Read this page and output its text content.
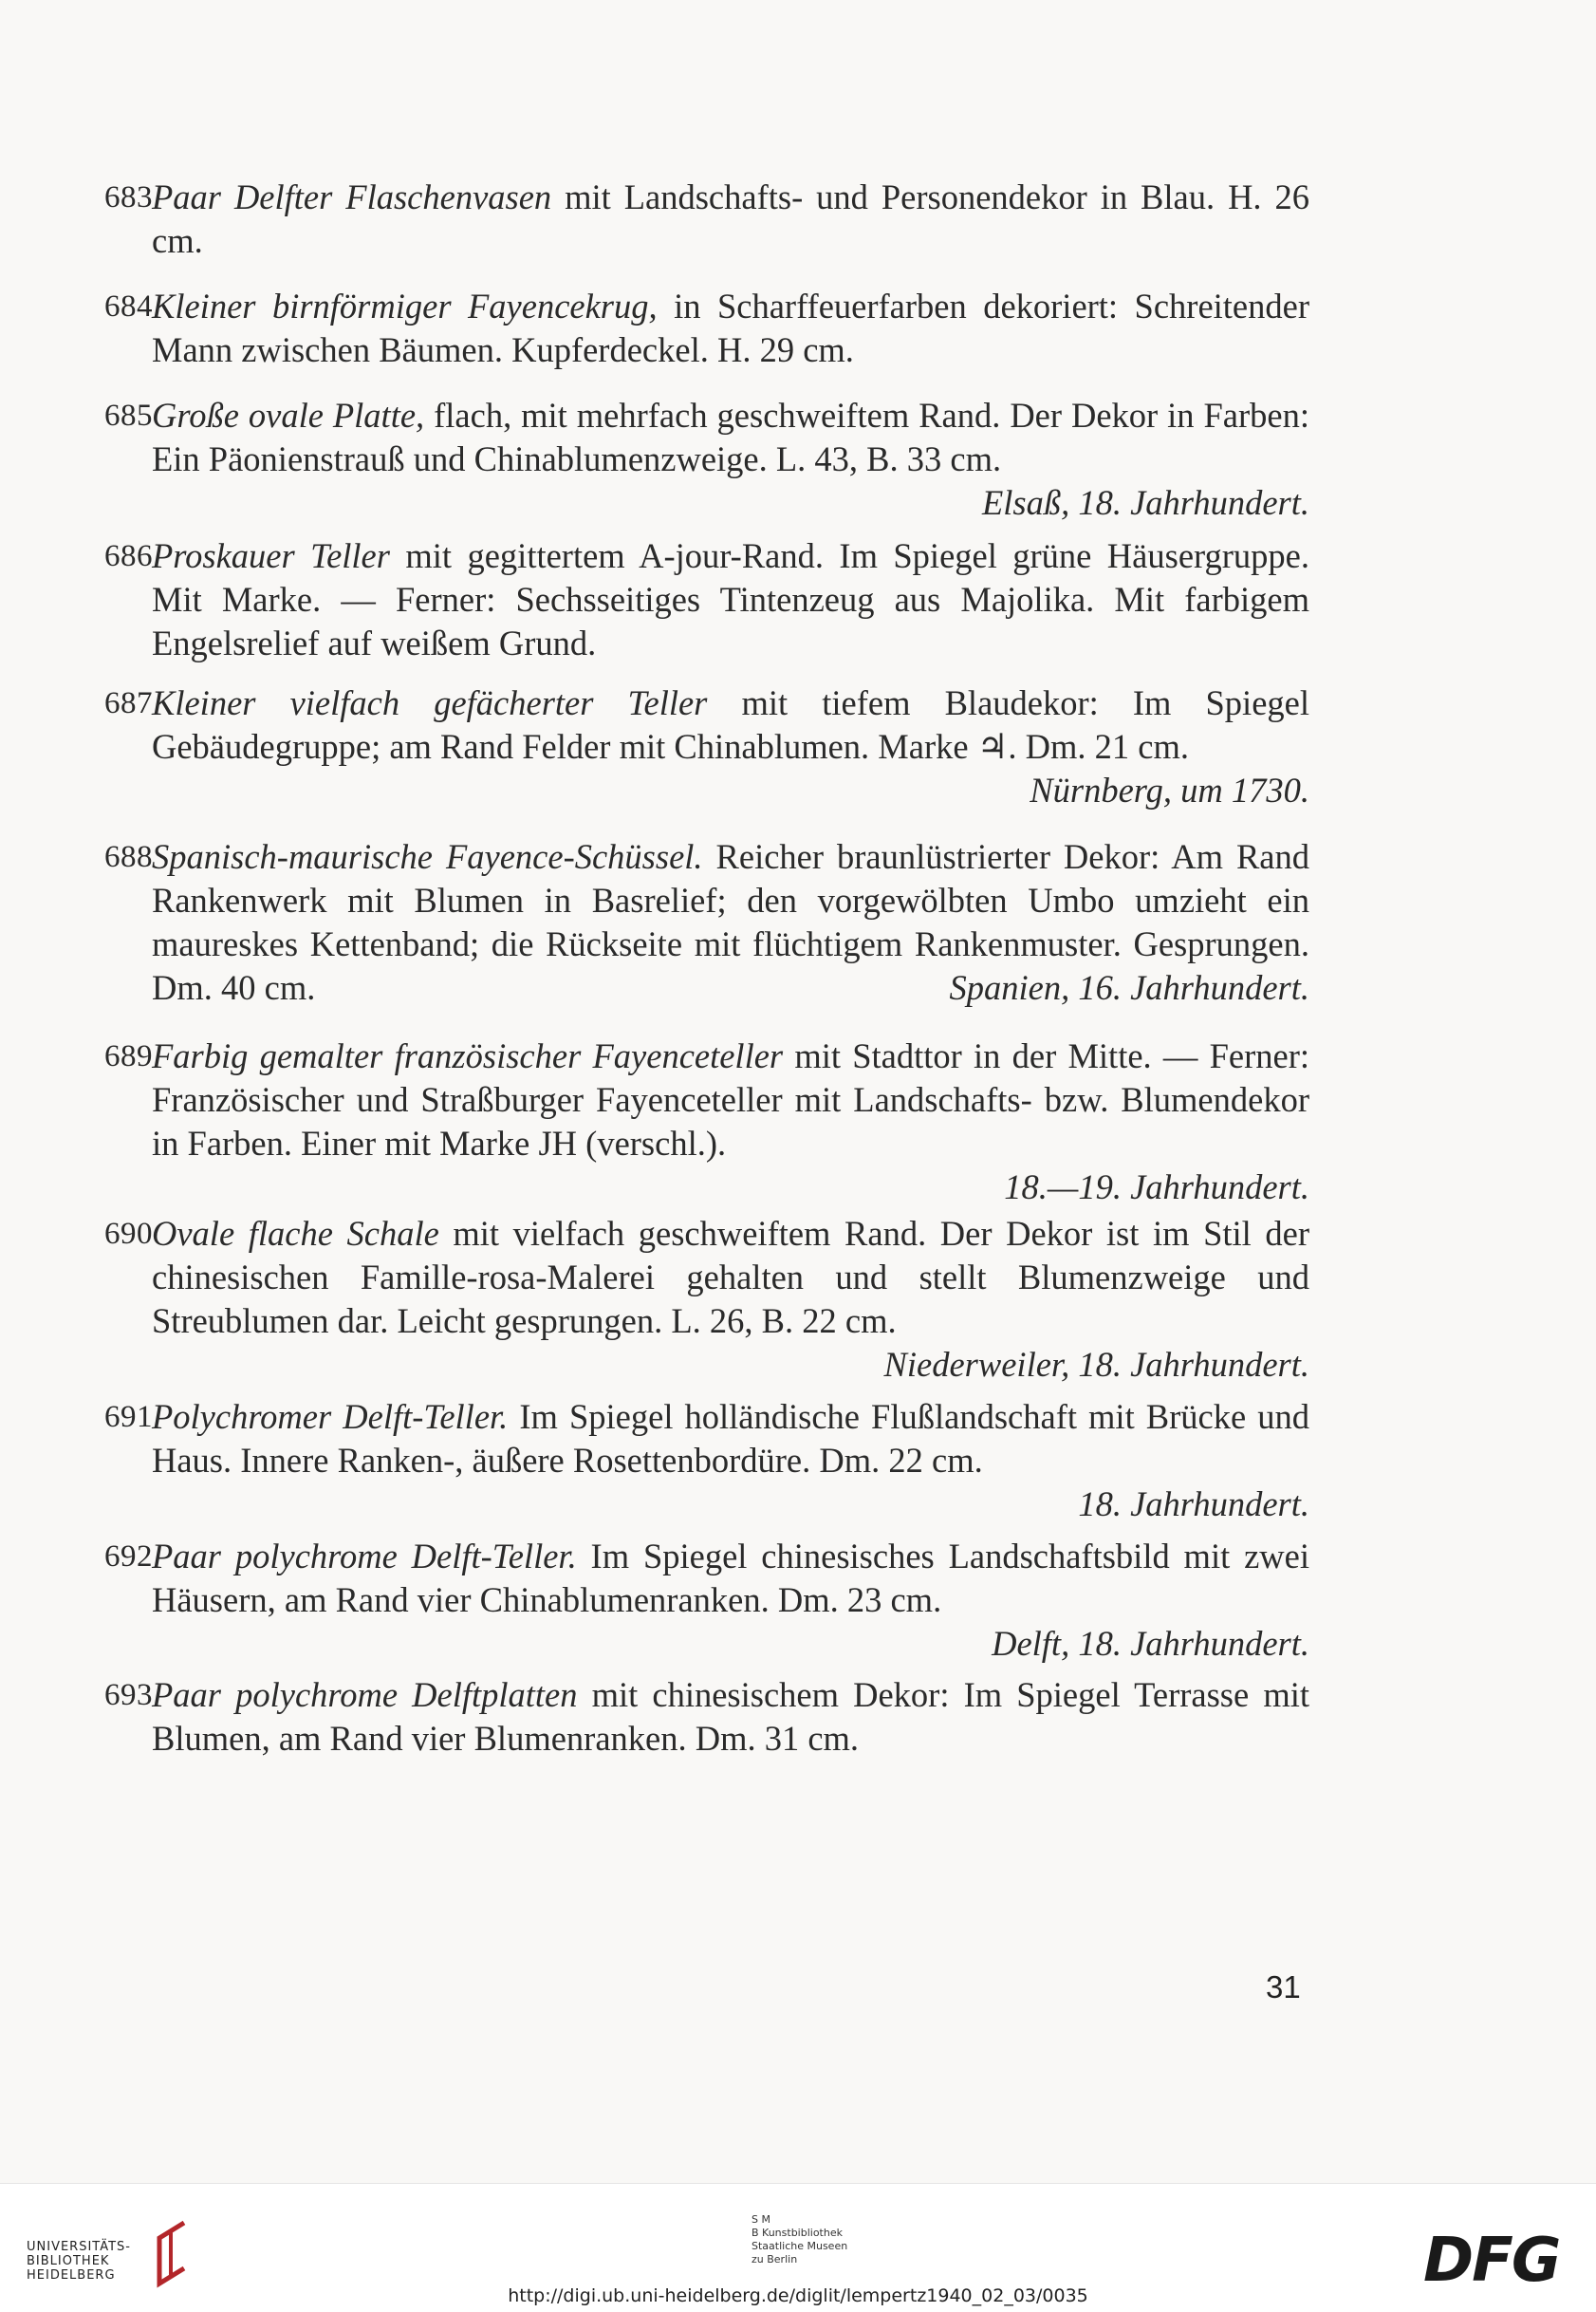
683 Paar Delfter Flaschenvasen mit Landschafts- und Personendekor in Blau. H. 26 cm.
684 Kleiner birnförmiger Fayencekrug, in Scharffeuerfarben dekoriert: Schreitender Mann zwischen Bäumen. Kupferdeckel. H. 29 cm.
685 Große ovale Platte, flach, mit mehrfach geschweiftem Rand. Der Dekor in Farben: Ein Päonienstrauß und Chinablumenzweige. L. 43, B. 33 cm.
Elsaß, 18. Jahrhundert.
686 Proskauer Teller mit gegittertem A-jour-Rand. Im Spiegel grüne Häusergruppe. Mit Marke. — Ferner: Sechsseitiges Tintenzeug aus Majolika. Mit farbigem Engelsrelief auf weißem Grund.
687 Kleiner vielfach gefächerter Teller mit tiefem Blaudekor: Im Spiegel Gebäudegruppe; am Rand Felder mit Chinablumen. Marke ♃. Dm. 21 cm.
Nürnberg, um 1730.
688 Spanisch-maurische Fayence-Schüssel. Reicher braunlüstrierter Dekor: Am Rand Rankenwerk mit Blumen in Basrelief; den vorgewölbten Umbo umzieht ein maureskes Kettenband; die Rückseite mit flüchtigem Rankenmuster. Gesprungen. Dm. 40 cm.	Spanien, 16. Jahrhundert.
689 Farbig gemalter französischer Fayenceteller mit Stadttor in der Mitte. — Ferner: Französischer und Straßburger Fayenceteller mit Landschafts- bzw. Blumendekor in Farben. Einer mit Marke JH (verschl.).
18.—19. Jahrhundert.
690 Ovale flache Schale mit vielfach geschweiftem Rand. Der Dekor ist im Stil der chinesischen Famille-rosa-Malerei gehalten und stellt Blumenzweige und Streublumen dar. Leicht gesprungen. L. 26, B. 22 cm.
Niederweiler, 18. Jahrhundert.
691 Polychromer Delft-Teller. Im Spiegel holländische Flußlandschaft mit Brücke und Haus. Innere Ranken-, äußere Rosettenbordüre. Dm. 22 cm.
18. Jahrhundert.
692 Paar polychrome Delft-Teller. Im Spiegel chinesisches Landschaftsbild mit zwei Häusern, am Rand vier Chinablumenranken. Dm. 23 cm.
Delft, 18. Jahrhundert.
693 Paar polychrome Delftplatten mit chinesischem Dekor: Im Spiegel Terrasse mit Blumen, am Rand vier Blumenranken. Dm. 31 cm.
31
UNIVERSITÄTS-
BIBLIOTHEK
HEIDELBERG
S M
B Kunstbibliothek
Staatliche Museen
zu Berlin	DFG
http://digi.ub.uni-heidelberg.de/diglit/lempertz1940_02_03/0035
